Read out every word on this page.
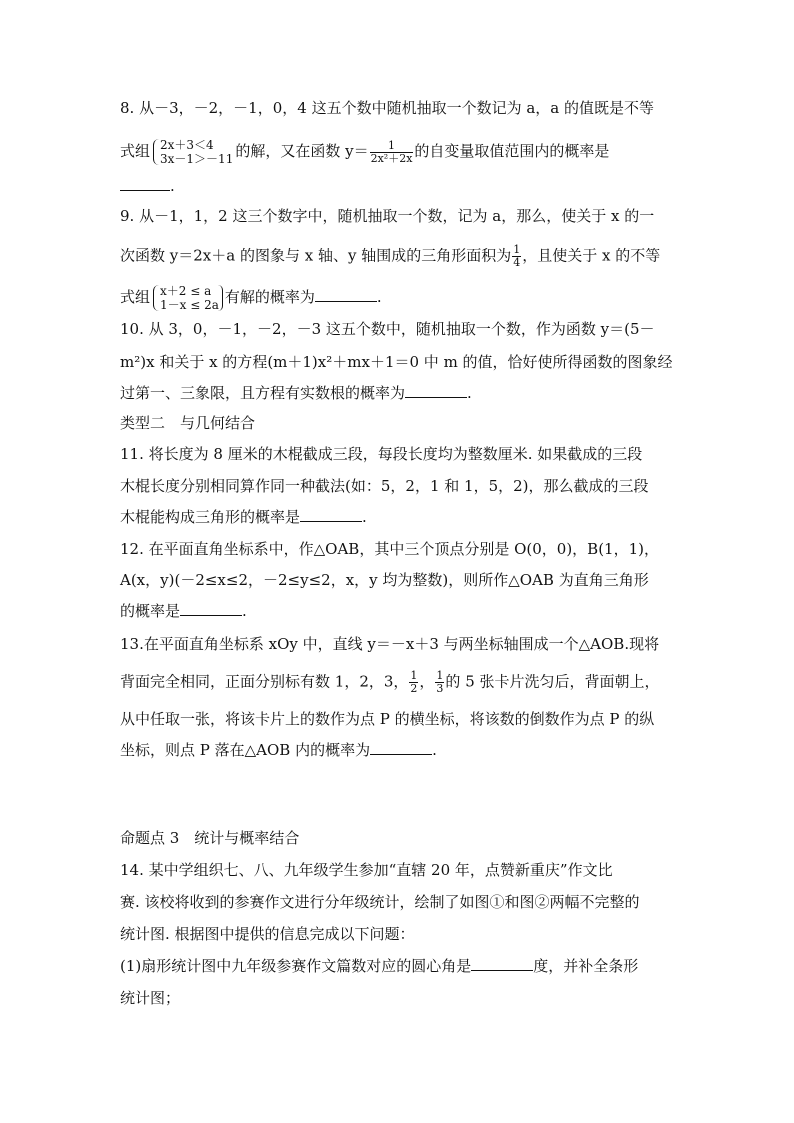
8. 从－3，－2，－1，0，4 这五个数中随机抽取一个数记为 a，a 的值既是不等
式组 2x＋3＜4
3x－1＞－11 的解，又在函数 $y= \frac{1}{\text{2x²＋2x}}$ 的自变量取值范围内的概率是
.
9. 从－1，1，2 这三个数字中，随机抽取一个数，记为 a，那么，使关于 x 的一
次函数 y＝2x＋a 的图象与 x 轴、y 轴围成的三角形面积为 $\frac{1}{4}$ ，且使关于 x 的不等
式组 x＋2 ≤ a
1－x ≤ 2a 有解的概率为	.
10. 从 3，0，－1，－2，－3 这五个数中，随机抽取一个数，作为函数 y＝(5－
m²)x 和关于 x 的方程(m＋1)x²＋mx＋1＝0 中 m 的值，恰好使所得函数的图象经
过第一、三象限，且方程有实数根的概率为	.
类型二　与几何结合
11. 将长度为 8 厘米的木棍截成三段，每段长度均为整数厘米. 如果截成的三段
木棍长度分别相同算作同一种截法(如：5，2，1 和 1，5，2)，那么截成的三段
木棍能构成三角形的概率是	.
12. 在平面直角坐标系中，作△OAB，其中三个顶点分别是 O(0，0)，B(1，1)，
A(x，y)(－2≤x≤2，－2≤y≤2，x，y 均为整数)，则所作△OAB 为直角三角形
的概率是	.
13.在平面直角坐标系 xOy 中，直线 y＝－x＋3 与两坐标轴围成一个△AOB.现将
背面完全相同，正面分别标有数 1，2，3， $\frac{1}{2}$ ， $\frac{1}{3}$ 的 5 张卡片洗匀后，背面朝上，
从中任取一张，将该卡片上的数作为点 P 的横坐标，将该数的倒数作为点 P 的纵
坐标，则点 P 落在△AOB 内的概率为	.
命题点 3　统计与概率结合
14. 某中学组织七、八、九年级学生参加“直辖 20 年，点赞新重庆”作文比
赛. 该校将收到的参赛作文进行分年级统计，绘制了如图①和图②两幅不完整的
统计图. 根据图中提供的信息完成以下问题：
(1)扇形统计图中九年级参赛作文篇数对应的圆心角是	度，并补全条形
统计图；
